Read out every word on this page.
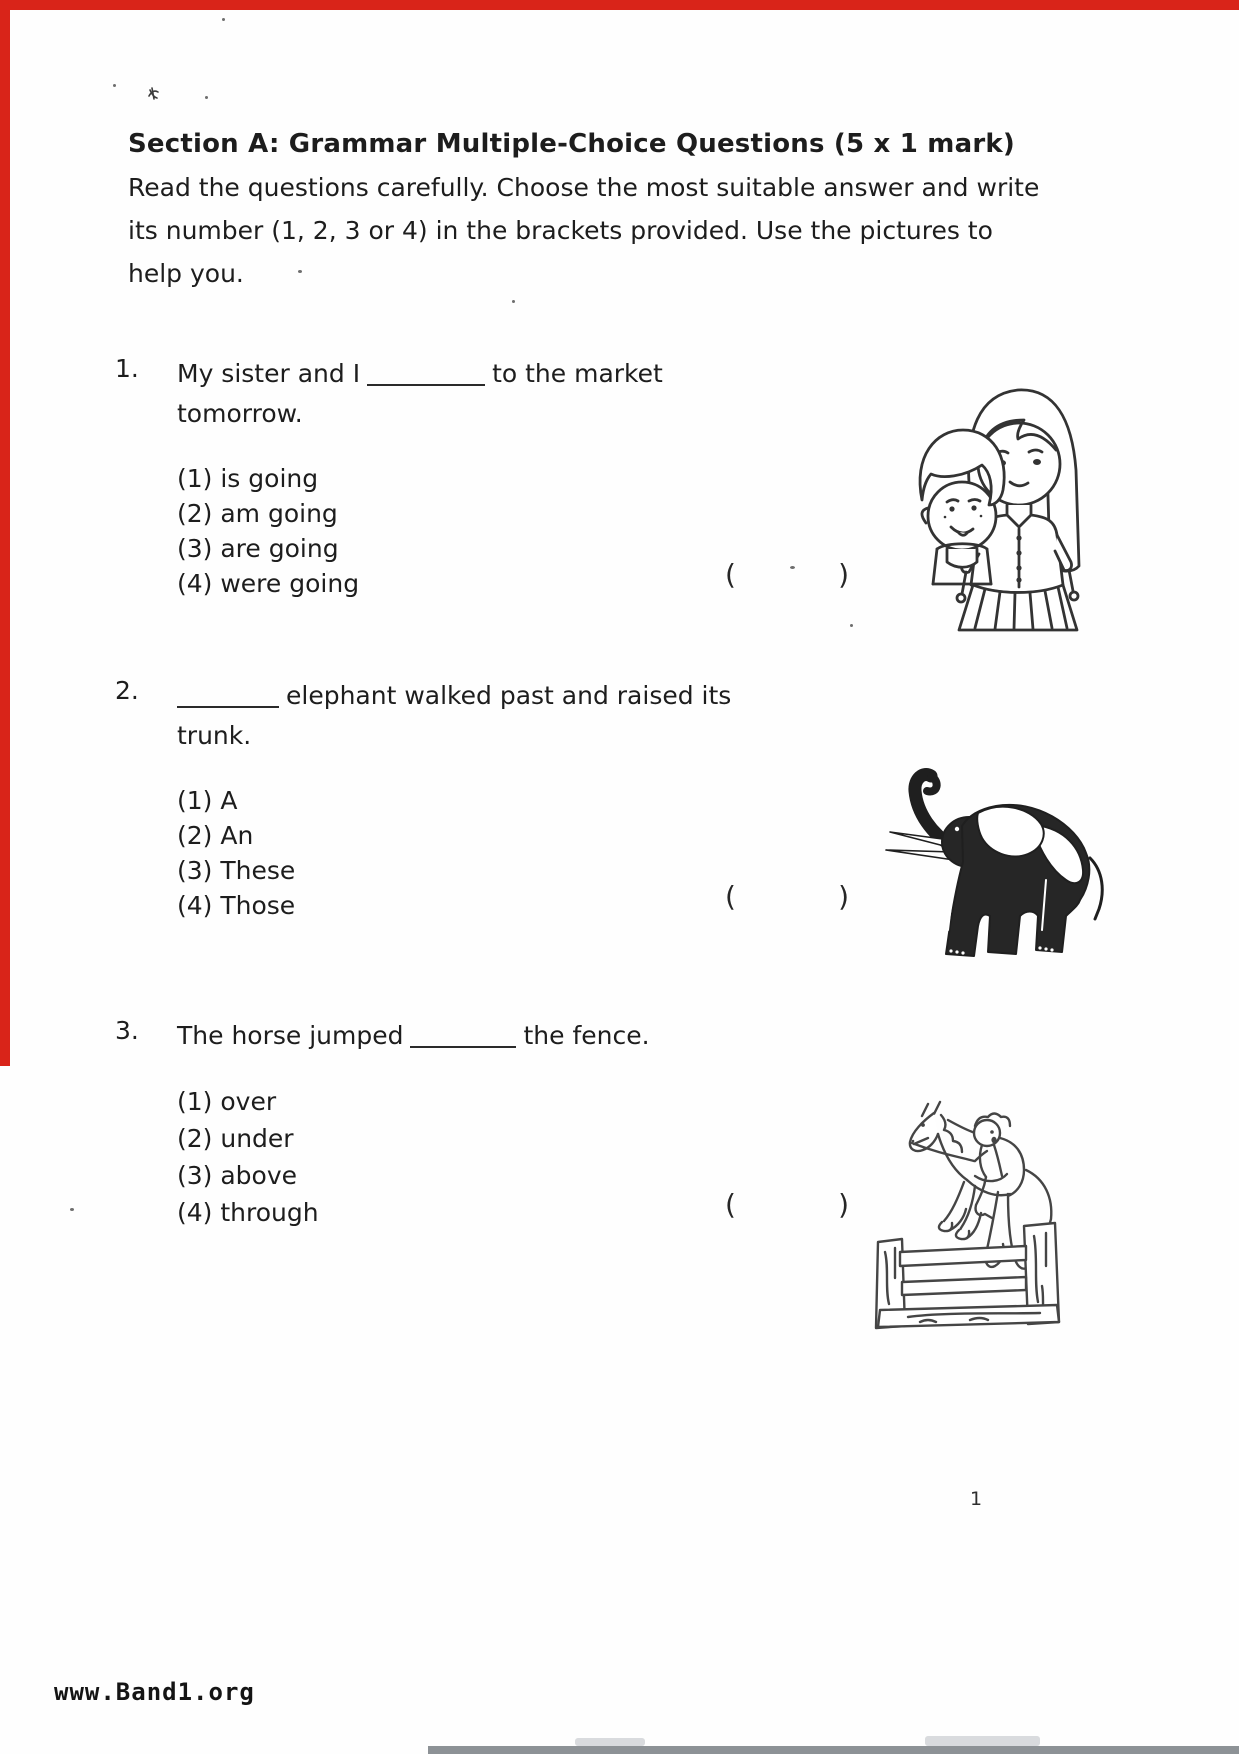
Section A: Grammar Multiple-Choice Questions (5 x 1 mark)
Read the questions carefully. Choose the most suitable answer and write
its number (1, 2, 3 or 4) in the brackets provided. Use the pictures to
help you.
1. My sister and I	to the market
tomorrow.
(1) is going
(2) am going
(3) are going
(4) were going	(	)
2.	elephant walked past and raised its
trunk.
(1) A
(2) An
(3) These
(4) Those	(	)
3. The horse jumped	the fence.
(1) over
(2) under
(3) above
(4) through	(	)
1
www.Band1.org
